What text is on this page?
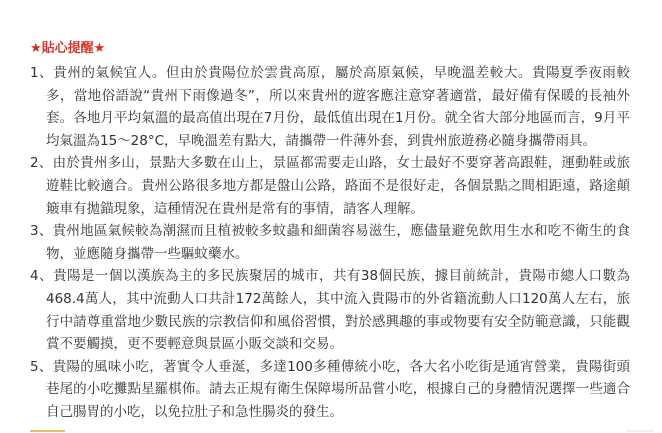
★貼心提醒★

1、貴州的氣候宜人。但由於貴陽位於雲貴高原，屬於高原氣候，早晚溫差較大。貴陽夏季夜雨較多，當地俗語說“貴州下雨像過冬”，所以來貴州的遊客應注意穿著適當，最好備有保暖的長袖外套。各地月平均氣溫的最高值出現在7月份，最低值出現在1月份。就全省大部分地區而言，9月平均氣溫為15～28°C，早晚溫差有點大，請攜帶一件薄外套，到貴州旅遊務必隨身攜帶雨具。

2、由於貴州多山，景點大多數在山上，景區都需要走山路，女士最好不要穿著高跟鞋，運動鞋或旅遊鞋比較適合。貴州公路很多地方都是盤山公路，路面不是很好走，各個景點之間相距遠，路途顛簸車有拋錨現象，這種情況在貴州是常有的事情，請客人理解。

3、貴州地區氣候較為潮濕而且植被較多蚊蟲和細菌容易滋生，應儘量避免飲用生水和吃不衛生的食物，並應隨身攜帶一些驅蚊藥水。

4、貴陽是一個以漢族為主的多民族聚居的城市，共有38個民族，據目前統計，貴陽市總人口數為468.4萬人，其中流動人口共計172萬餘人，其中流入貴陽市的外省籍流動人口120萬人左右，旅行中請尊重當地少數民族的宗教信仰和風俗習慣，對於感興趣的事或物要有安全防範意識，只能觀賞不要觸摸，更不要輕意與景區小販交談和交易。

5、貴陽的風味小吃，著實令人垂涎，多達100多種傳統小吃，各大名小吃街是通宵營業，貴陽街頭巷尾的小吃攤點星羅棋佈。請去正規有衛生保障場所品嘗小吃，根據自己的身體情況選擇一些適合自己腸胃的小吃，以免拉肚子和急性腸炎的發生。
